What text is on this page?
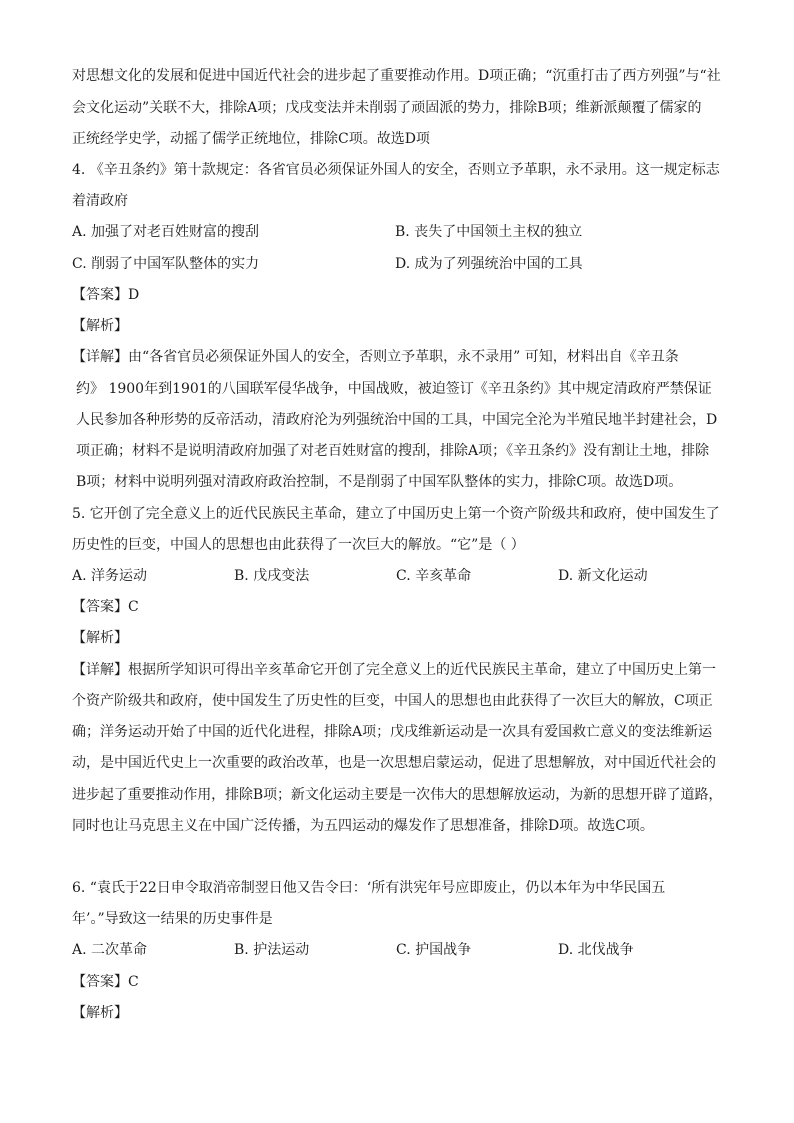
对思想文化的发展和促进中国近代社会的进步起了重要推动作用。D项正确；“沉重打击了西方列强”与“社
会文化运动”关联不大，排除A项；戊戌变法并未削弱了顽固派的势力，排除B项；维新派颠覆了儒家的
正统经学史学，动摇了儒学正统地位，排除C项。故选D项
4. 《辛丑条约》第十款规定：各省官员必须保证外国人的安全，否则立予革职，永不录用。这一规定标志
着清政府
A. 加强了对老百姓财富的搜刮	B. 丧失了中国领土主权的独立
C. 削弱了中国军队整体的实力	D. 成为了列强统治中国的工具
【答案】D
【解析】
【详解】由“各省官员必须保证外国人的安全，否则立予革职，永不录用” 可知，材料出自《辛丑条
约》 1900年到1901的八国联军侵华战争，中国战败，被迫签订《辛丑条约》其中规定清政府严禁保证
人民参加各种形势的反帝活动，清政府沦为列强统治中国的工具，中国完全沦为半殖民地半封建社会，D
项正确；材料不是说明清政府加强了对老百姓财富的搜刮，排除A项；《辛丑条约》没有割让土地，排除
B项；材料中说明列强对清政府政治控制，不是削弱了中国军队整体的实力，排除C项。故选D项。
5. 它开创了完全意义上的近代民族民主革命，建立了中国历史上第一个资产阶级共和政府，使中国发生了
历史性的巨变，中国人的思想也由此获得了一次巨大的解放。“它”是（ ）
A. 洋务运动	B. 戊戌变法	C. 辛亥革命	D. 新文化运动
【答案】C
【解析】
【详解】根据所学知识可得出辛亥革命它开创了完全意义上的近代民族民主革命，建立了中国历史上第一
个资产阶级共和政府，使中国发生了历史性的巨变，中国人的思想也由此获得了一次巨大的解放，C项正
确；洋务运动开始了中国的近代化进程，排除A项；戊戌维新运动是一次具有爱国救亡意义的变法维新运
动，是中国近代史上一次重要的政治改革，也是一次思想启蒙运动，促进了思想解放，对中国近代社会的
进步起了重要推动作用，排除B项；新文化运动主要是一次伟大的思想解放运动，为新的思想开辟了道路，
同时也让马克思主义在中国广泛传播，为五四运动的爆发作了思想准备，排除D项。故选C项。
6. “袁氏于22日申令取消帝制翌日他又告令曰：‘所有洪宪年号应即废止，仍以本年为中华民国五
年’。”导致这一结果的历史事件是
A. 二次革命	B. 护法运动	C. 护国战争	D. 北伐战争
【答案】C
【解析】
